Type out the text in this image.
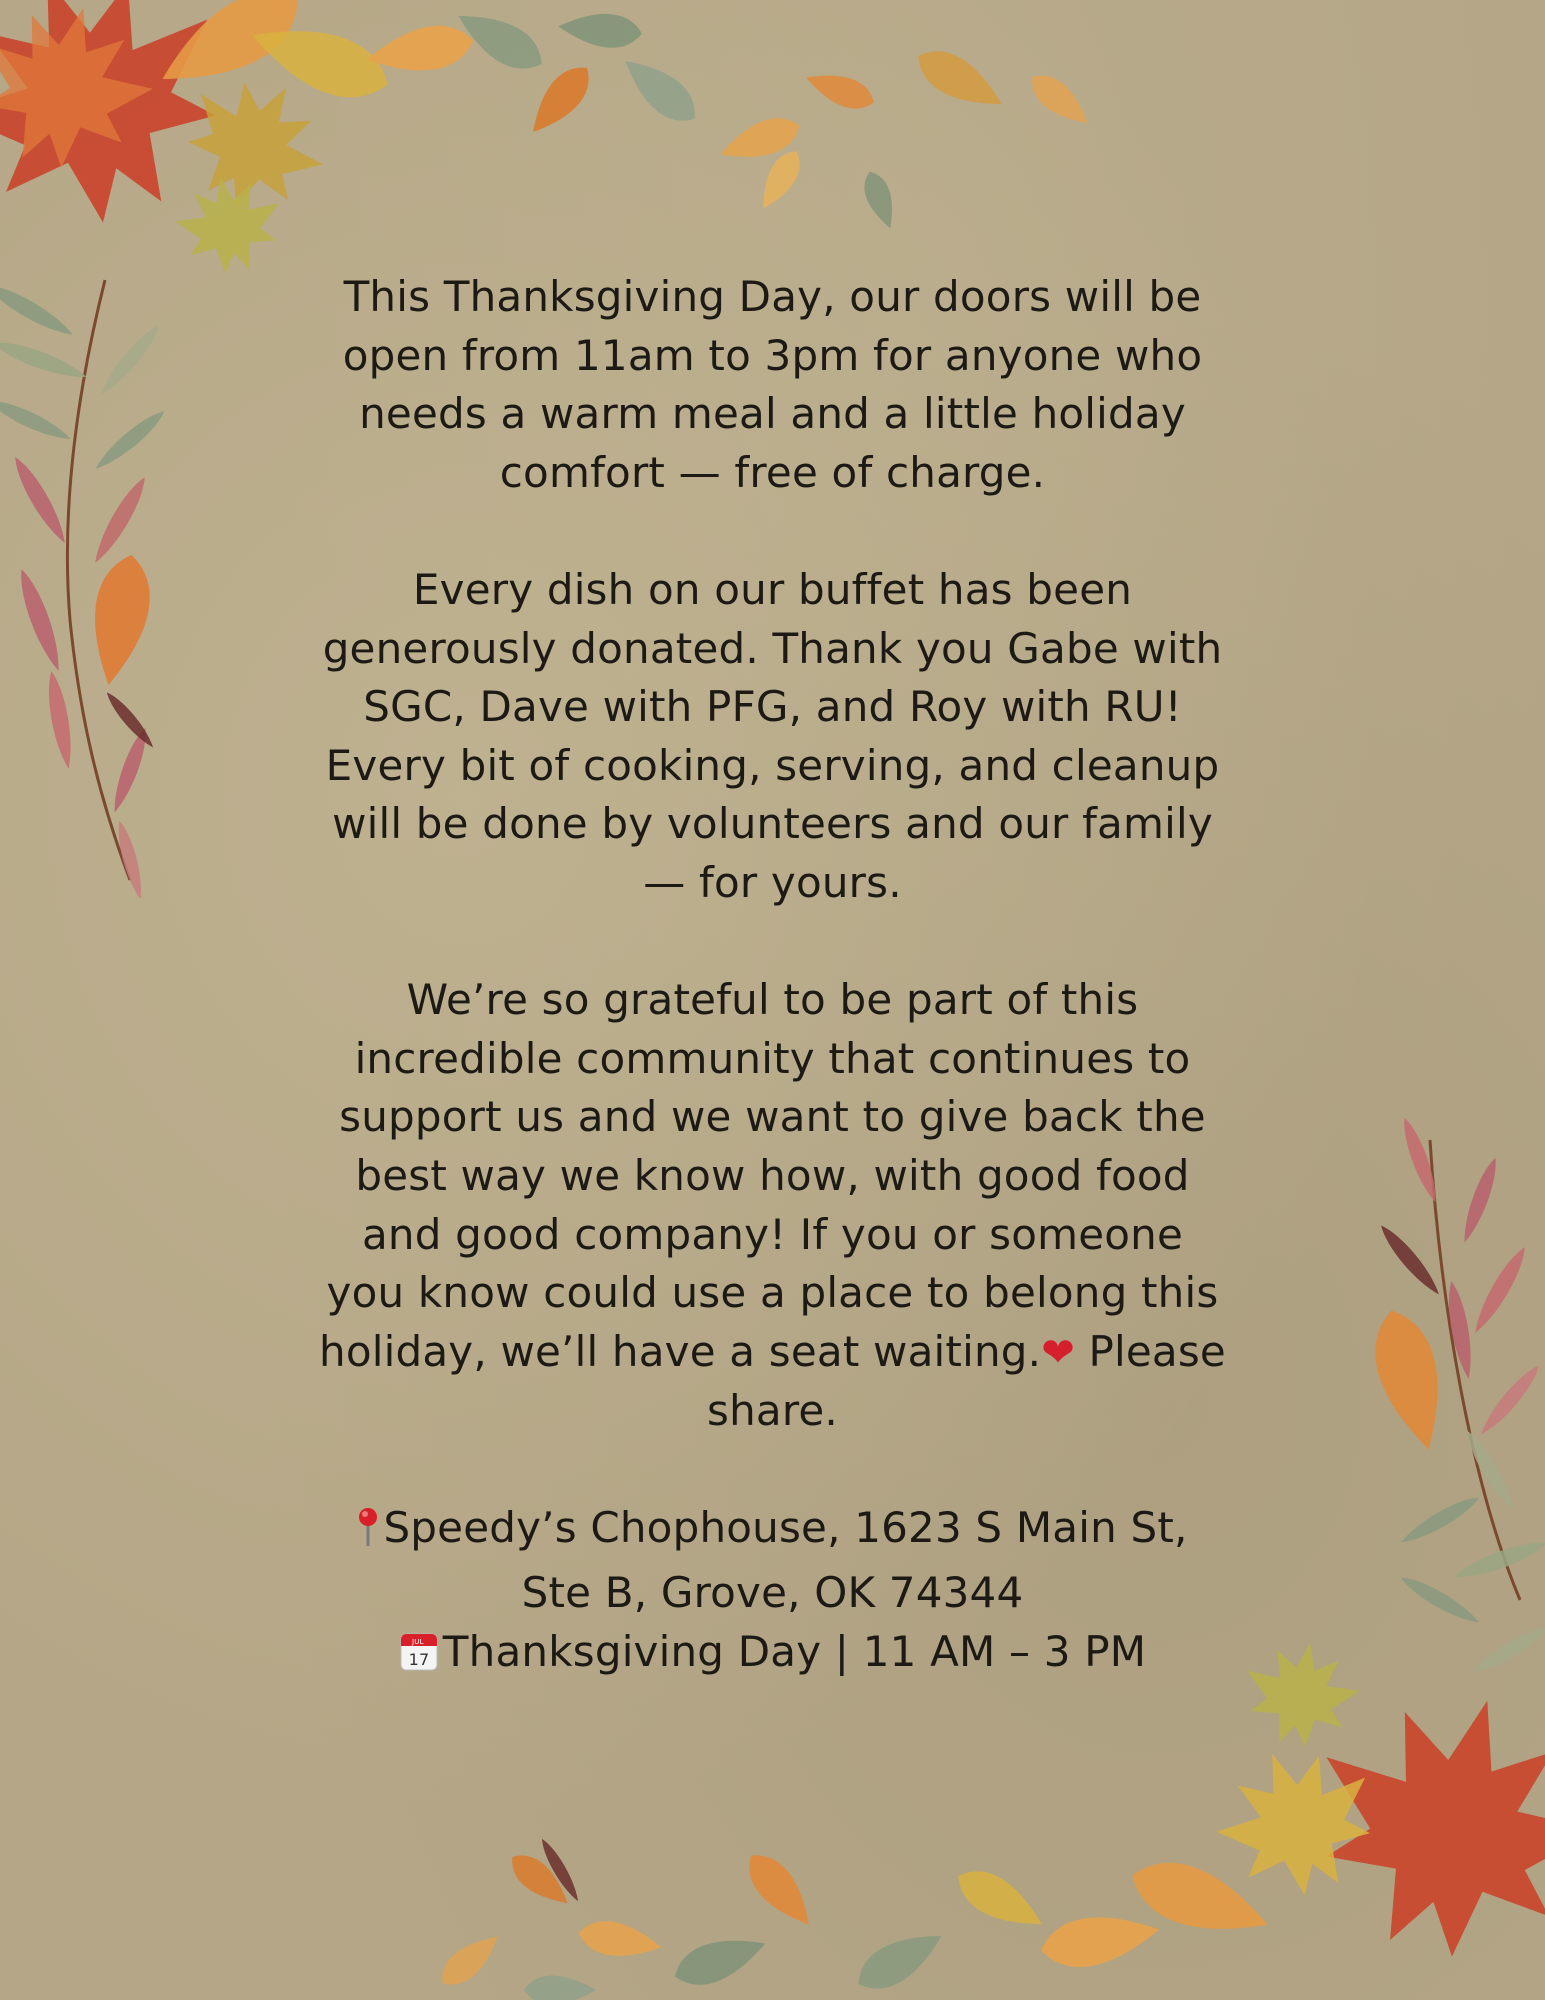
This Thanksgiving Day, our doors will be
open from 11am to 3pm for anyone who
needs a warm meal and a little holiday
comfort — free of charge.

Every dish on our buffet has been
generously donated. Thank you Gabe with
SGC, Dave with PFG, and Roy with RU!
Every bit of cooking, serving, and cleanup
will be done by volunteers and our family
— for yours.

We’re so grateful to be part of this
incredible community that continues to
support us and we want to give back the
best way we know how, with good food
and good company! If you or someone
you know could use a place to belong this
holiday, we’ll have a seat waiting.❤ Please
share.

Speedy’s Chophouse, 1623 S Main St,
Ste B, Grove, OK 74344
JUL
17 Thanksgiving Day | 11 AM – 3 PM
